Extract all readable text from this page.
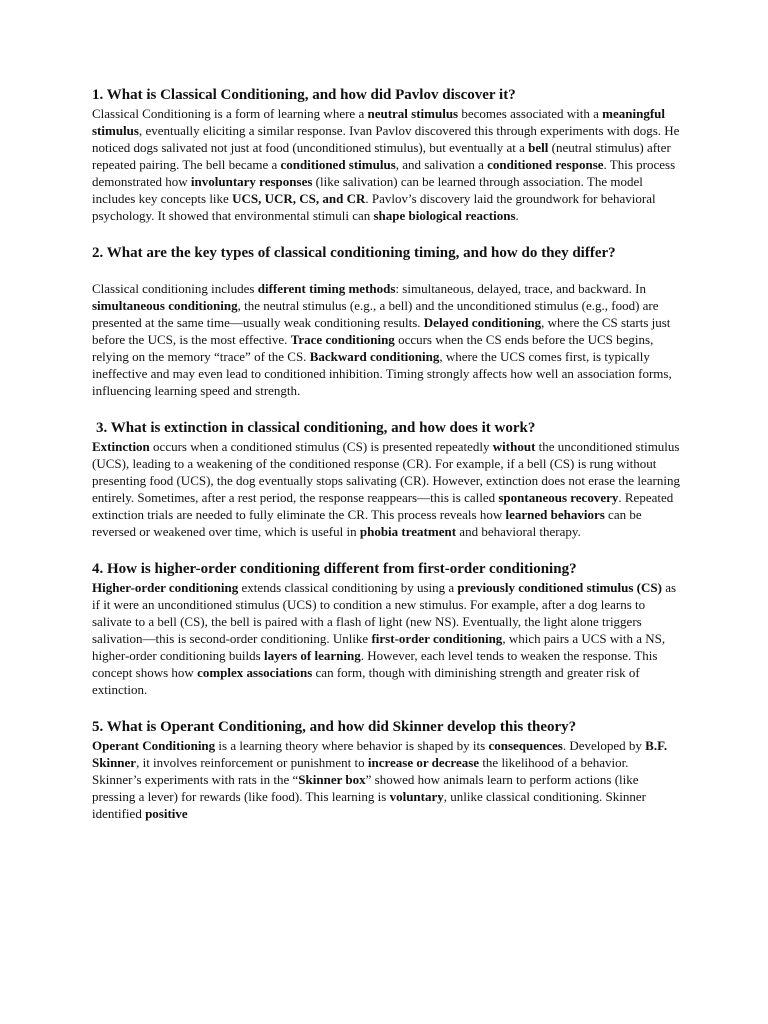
1. What is Classical Conditioning, and how did Pavlov discover it?

Classical Conditioning is a form of learning where a neutral stimulus becomes associated with a meaningful stimulus, eventually eliciting a similar response. Ivan Pavlov discovered this through experiments with dogs. He noticed dogs salivated not just at food (unconditioned stimulus), but eventually at a bell (neutral stimulus) after repeated pairing. The bell became a conditioned stimulus, and salivation a conditioned response. This process demonstrated how involuntary responses (like salivation) can be learned through association. The model includes key concepts like UCS, UCR, CS, and CR. Pavlov’s discovery laid the groundwork for behavioral psychology. It showed that environmental stimuli can shape biological reactions.

2. What are the key types of classical conditioning timing, and how do they differ?

Classical conditioning includes different timing methods: simultaneous, delayed, trace, and backward. In simultaneous conditioning, the neutral stimulus (e.g., a bell) and the unconditioned stimulus (e.g., food) are presented at the same time—usually weak conditioning results. Delayed conditioning, where the CS starts just before the UCS, is the most effective. Trace conditioning occurs when the CS ends before the UCS begins, relying on the memory “trace” of the CS. Backward conditioning, where the UCS comes first, is typically ineffective and may even lead to conditioned inhibition. Timing strongly affects how well an association forms, influencing learning speed and strength.

3. What is extinction in classical conditioning, and how does it work?

Extinction occurs when a conditioned stimulus (CS) is presented repeatedly without the unconditioned stimulus (UCS), leading to a weakening of the conditioned response (CR). For example, if a bell (CS) is rung without presenting food (UCS), the dog eventually stops salivating (CR). However, extinction does not erase the learning entirely. Sometimes, after a rest period, the response reappears—this is called spontaneous recovery. Repeated extinction trials are needed to fully eliminate the CR. This process reveals how learned behaviors can be reversed or weakened over time, which is useful in phobia treatment and behavioral therapy.

4. How is higher-order conditioning different from first-order conditioning?

Higher-order conditioning extends classical conditioning by using a previously conditioned stimulus (CS) as if it were an unconditioned stimulus (UCS) to condition a new stimulus. For example, after a dog learns to salivate to a bell (CS), the bell is paired with a flash of light (new NS). Eventually, the light alone triggers salivation—this is second-order conditioning. Unlike first-order conditioning, which pairs a UCS with a NS, higher-order conditioning builds layers of learning. However, each level tends to weaken the response. This concept shows how complex associations can form, though with diminishing strength and greater risk of extinction.

5. What is Operant Conditioning, and how did Skinner develop this theory?

Operant Conditioning is a learning theory where behavior is shaped by its consequences. Developed by B.F. Skinner, it involves reinforcement or punishment to increase or decrease the likelihood of a behavior. Skinner’s experiments with rats in the “Skinner box” showed how animals learn to perform actions (like pressing a lever) for rewards (like food). This learning is voluntary, unlike classical conditioning. Skinner identified positive
